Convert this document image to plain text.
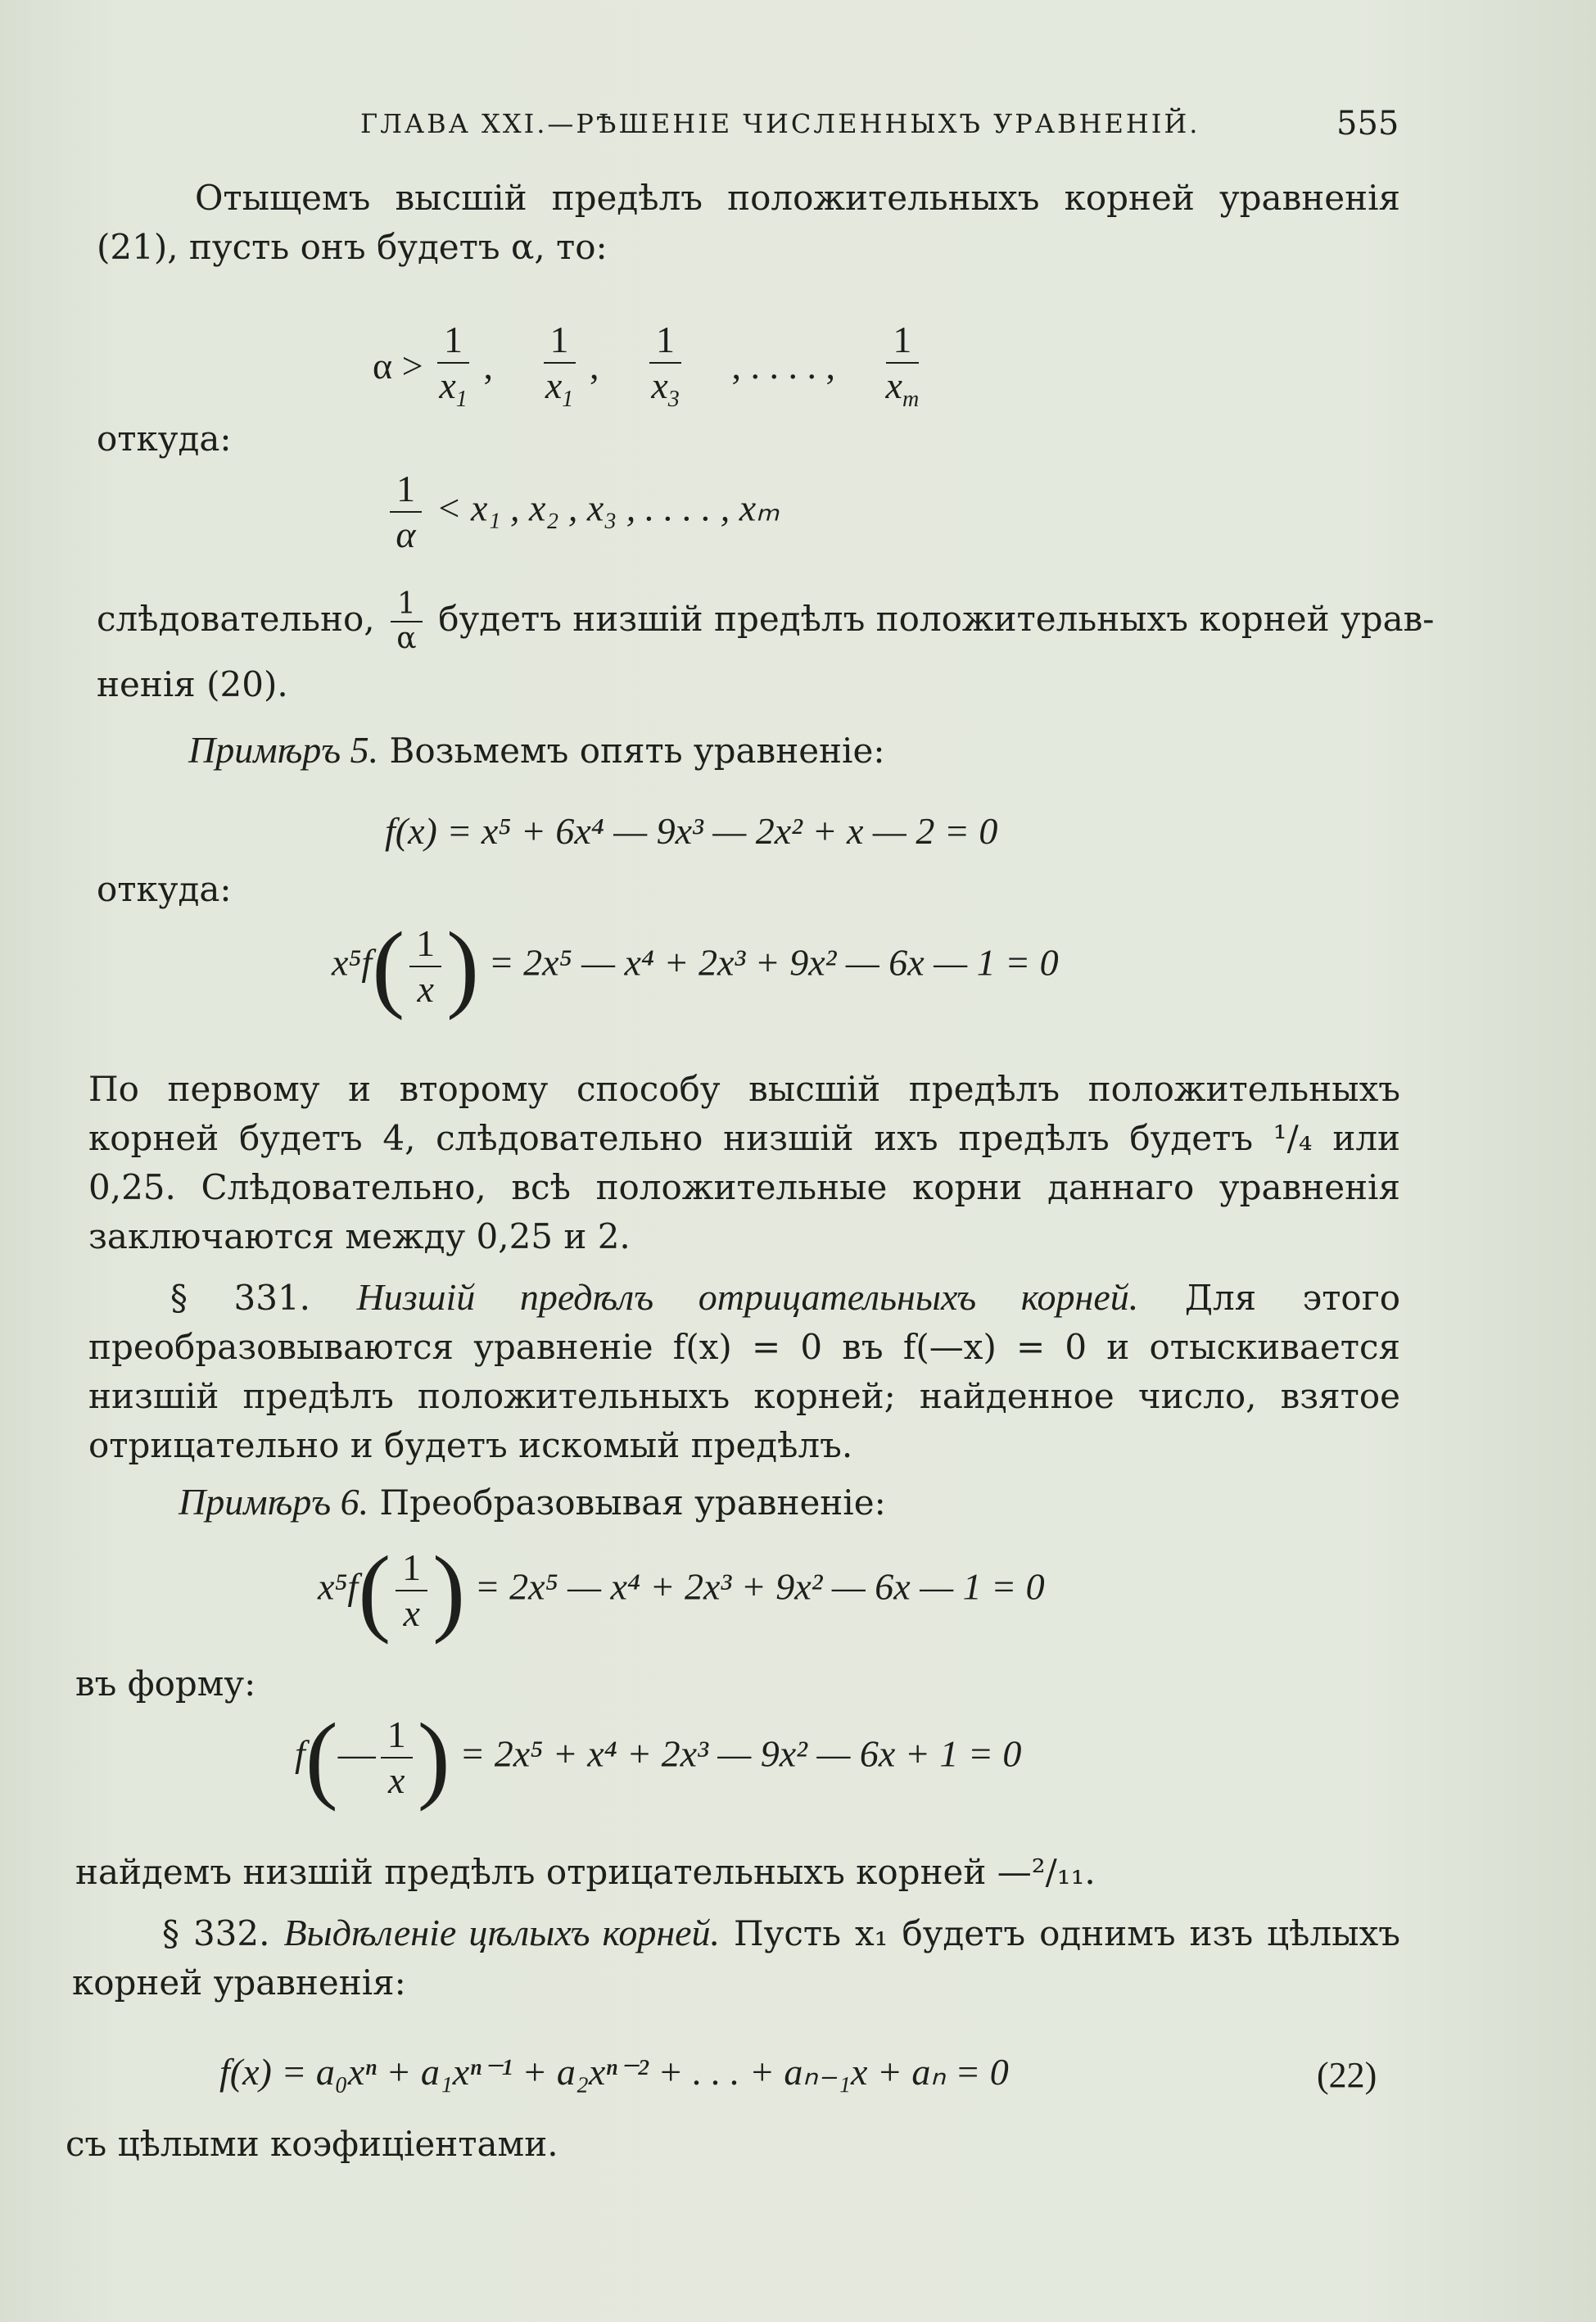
ГЛАВА XXI.—РѢШЕНІЕ ЧИСЛЕННЫХЪ УРАВНЕНІЙ.	555
Отыщемъ высшій предѣлъ положительныхъ корней уравненія (21), пусть онъ будетъ α, то:
$\alpha > \frac{1}{x_1}$ , $\frac{1}{x_1}$ , $\frac{1}{x_3}$ , . . . . , $\frac{1}{x_m}$
откуда:
$\frac{1}{\alpha} < x_1$ , x₂ , x₃ , . . . . , xₘ
слѣдовательно, $\frac{1}{\alpha}$ будетъ низшій предѣлъ положительныхъ корней урав-
ненія (20).
Примѣръ 5. Возьмемъ опять уравненіе:
f(x) = x⁵ + 6x⁴ — 9x³ — 2x² + x — 2 = 0
откуда:
$x^5f( \frac{1}{x}$ ) = 2x⁵ — x⁴ + 2x³ + 9x² — 6x — 1 = 0
По первому и второму способу высшій предѣлъ положительныхъ корней будетъ 4, слѣдовательно низшій ихъ предѣлъ будетъ ¹/₄ или 0,25. Слѣдовательно, всѣ положительные корни даннаго уравненія заключаются между 0,25 и 2.
§ 331. Низшій предѣлъ отрицательныхъ корней. Для этого преобразовываются уравненіе f(x) = 0 въ f(—x) = 0 и отыскивается низшій предѣлъ положительныхъ корней; найденное число, взятое отрицательно и будетъ искомый предѣлъ.
Примѣръ 6. Преобразовывая уравненіе:
$x^5f( \frac{1}{x}$ ) = 2x⁵ — x⁴ + 2x³ + 9x² — 6x — 1 = 0
въ форму:
f(— $\frac{1}{x}$ ) = 2x⁵ + x⁴ + 2x³ — 9x² — 6x + 1 = 0
найдемъ низшій предѣлъ отрицательныхъ корней —²/₁₁.
§ 332. Выдѣленіе цѣлыхъ корней. Пусть x₁ будетъ однимъ изъ цѣлыхъ корней уравненія:
f(x) = a₀xⁿ + a₁xⁿ⁻¹ + a₂xⁿ⁻² + . . . + aₙ₋₁x + aₙ = 0	(22)
съ цѣлыми коэфиціентами.
